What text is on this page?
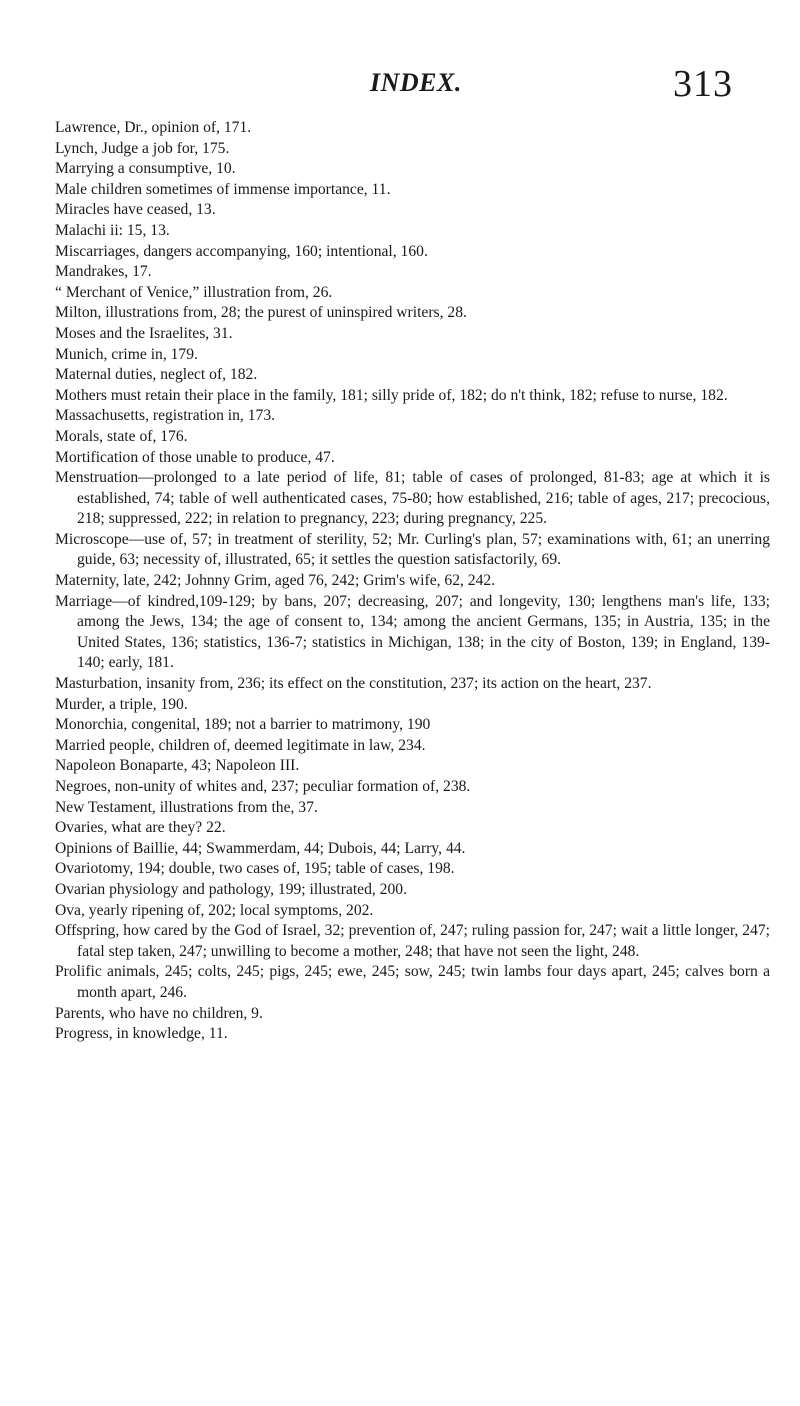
INDEX.	313
Lawrence, Dr., opinion of, 171.
Lynch, Judge a job for, 175.
Marrying a consumptive, 10.
Male children sometimes of immense importance, 11.
Miracles have ceased, 13.
Malachi ii: 15, 13.
Miscarriages, dangers accompanying, 160; intentional, 160.
Mandrakes, 17.
“ Merchant of Venice,” illustration from, 26.
Milton, illustrations from, 28; the purest of uninspired writers, 28.
Moses and the Israelites, 31.
Munich, crime in, 179.
Maternal duties, neglect of, 182.
Mothers must retain their place in the family, 181; silly pride of, 182; do n't think, 182; refuse to nurse, 182.
Massachusetts, registration in, 173.
Morals, state of, 176.
Mortification of those unable to produce, 47.
Menstruation—prolonged to a late period of life, 81; table of cases of prolonged, 81-83; age at which it is established, 74; table of well authenticated cases, 75-80; how established, 216; table of ages, 217; precocious, 218; suppressed, 222; in relation to pregnancy, 223; during pregnancy, 225.
Microscope—use of, 57; in treatment of sterility, 52; Mr. Curling's plan, 57; examinations with, 61; an unerring guide, 63; necessity of, illustrated, 65; it settles the question satisfactorily, 69.
Maternity, late, 242; Johnny Grim, aged 76, 242; Grim's wife, 62, 242.
Marriage—of kindred,109-129; by bans, 207; decreasing, 207; and longevity, 130; lengthens man's life, 133; among the Jews, 134; the age of consent to, 134; among the ancient Germans, 135; in Austria, 135; in the United States, 136; statistics, 136-7; statistics in Michigan, 138; in the city of Boston, 139; in England, 139-140; early, 181.
Masturbation, insanity from, 236; its effect on the constitution, 237; its action on the heart, 237.
Murder, a triple, 190.
Monorchia, congenital, 189; not a barrier to matrimony, 190
Married people, children of, deemed legitimate in law, 234.
Napoleon Bonaparte, 43; Napoleon III.
Negroes, non-unity of whites and, 237; peculiar formation of, 238.
New Testament, illustrations from the, 37.
Ovaries, what are they? 22.
Opinions of Baillie, 44; Swammerdam, 44; Dubois, 44; Larry, 44.
Ovariotomy, 194; double, two cases of, 195; table of cases, 198.
Ovarian physiology and pathology, 199; illustrated, 200.
Ova, yearly ripening of, 202; local symptoms, 202.
Offspring, how cared by the God of Israel, 32; prevention of, 247; ruling passion for, 247; wait a little longer, 247; fatal step taken, 247; unwilling to become a mother, 248; that have not seen the light, 248.
Prolific animals, 245; colts, 245; pigs, 245; ewe, 245; sow, 245; twin lambs four days apart, 245; calves born a month apart, 246.
Parents, who have no children, 9.
Progress, in knowledge, 11.
